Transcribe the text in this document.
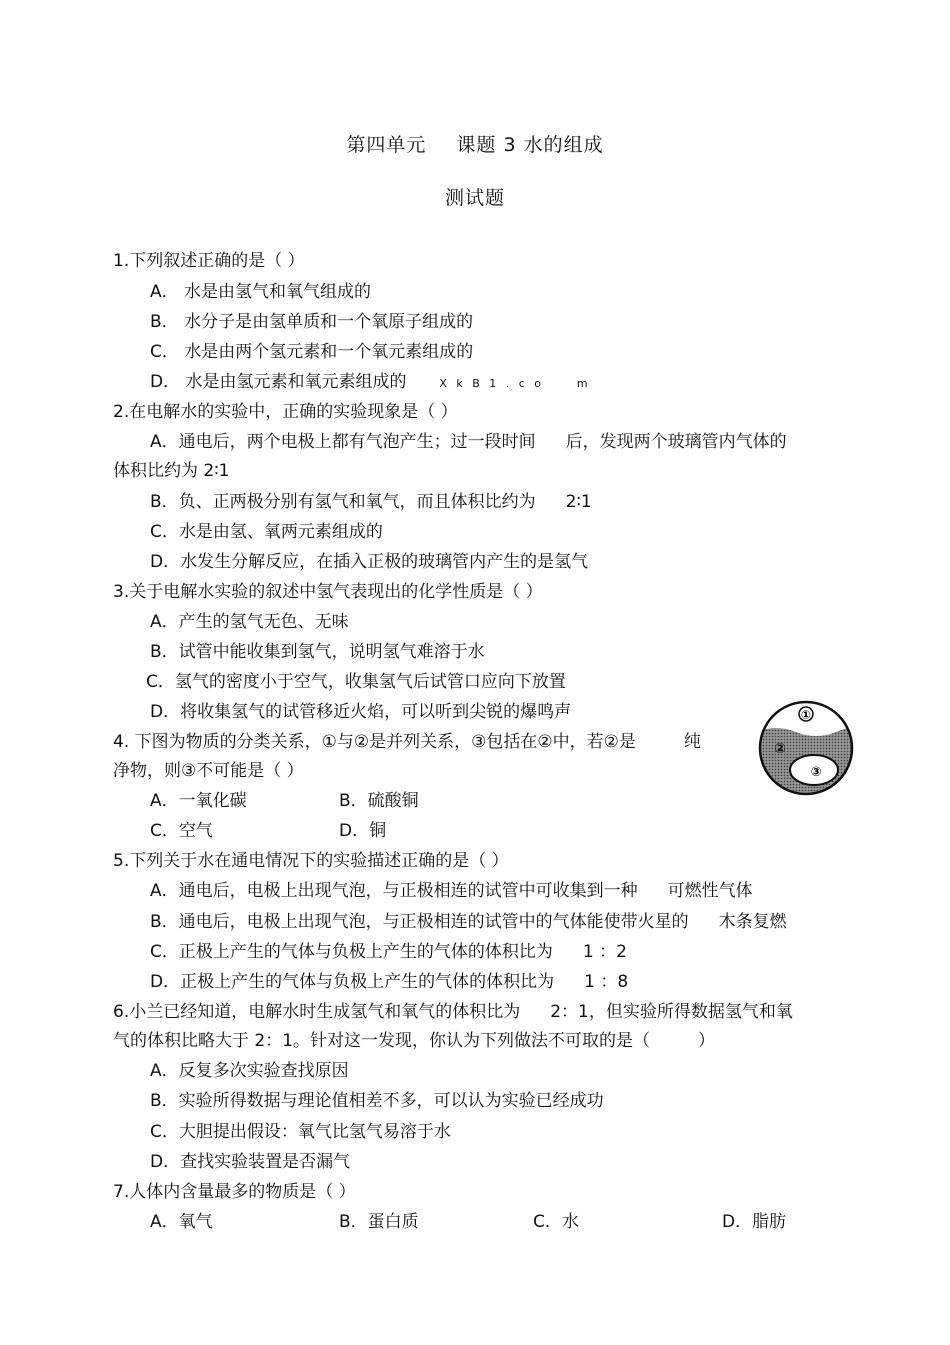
第四单元 课题 3 水的组成
测试题
1.下列叙述正确的是（ ）
A． 水是由氢气和氧气组成的
B． 水分子是由氢单质和一个氧原子组成的
C． 水是由两个氢元素和一个氧元素组成的
D． 水是由氢元素和氧元素组成的	X k B 1 . c o	m
2.在电解水的实验中，正确的实验现象是（ ）
A．通电后，两个电极上都有气泡产生；过一段时间 后，发现两个玻璃管内气体的
体积比约为 2∶1
B．负、正两极分别有氢气和氧气，而且体积比约为 2∶1
C．水是由氢、氧两元素组成的
D．水发生分解反应，在插入正极的玻璃管内产生的是氢气
3.关于电解水实验的叙述中氢气表现出的化学性质是（ ）
A．产生的氢气无色、无味
B．试管中能收集到氢气，说明氢气难溶于水
C．氢气的密度小于空气，收集氢气后试管口应向下放置
D．将收集氢气的试管移近火焰，可以听到尖锐的爆鸣声
4. 下图为物质的分类关系，①与②是并列关系，③包括在②中，若②是	纯
净物，则③不可能是（ ）
A．一氧化碳	B．硫酸铜
C．空气	D．铜
①
②
③
5.下列关于水在通电情况下的实验描述正确的是（ ）
A．通电后，电极上出现气泡，与正极相连的试管中可收集到一种 可燃性气体
B．通电后，电极上出现气泡，与正极相连的试管中的气体能使带火星的 木条复燃
C．正极上产生的气体与负极上产生的气体的体积比为 1 ：2
D．正极上产生的气体与负极上产生的气体的体积比为 1 ：8
6.小兰已经知道，电解水时生成氢气和氧气的体积比为 2：1，但实验所得数据氢气和氧
气的体积比略大于 2：1。针对这一发现，你认为下列做法不可取的是（	）
A．反复多次实验查找原因
B．实验所得数据与理论值相差不多，可以认为实验已经成功
C．大胆提出假设：氧气比氢气易溶于水
D．查找实验装置是否漏气
7.人体内含量最多的物质是（ ）
A．氧气	B．蛋白质	C．水	D．脂肪
